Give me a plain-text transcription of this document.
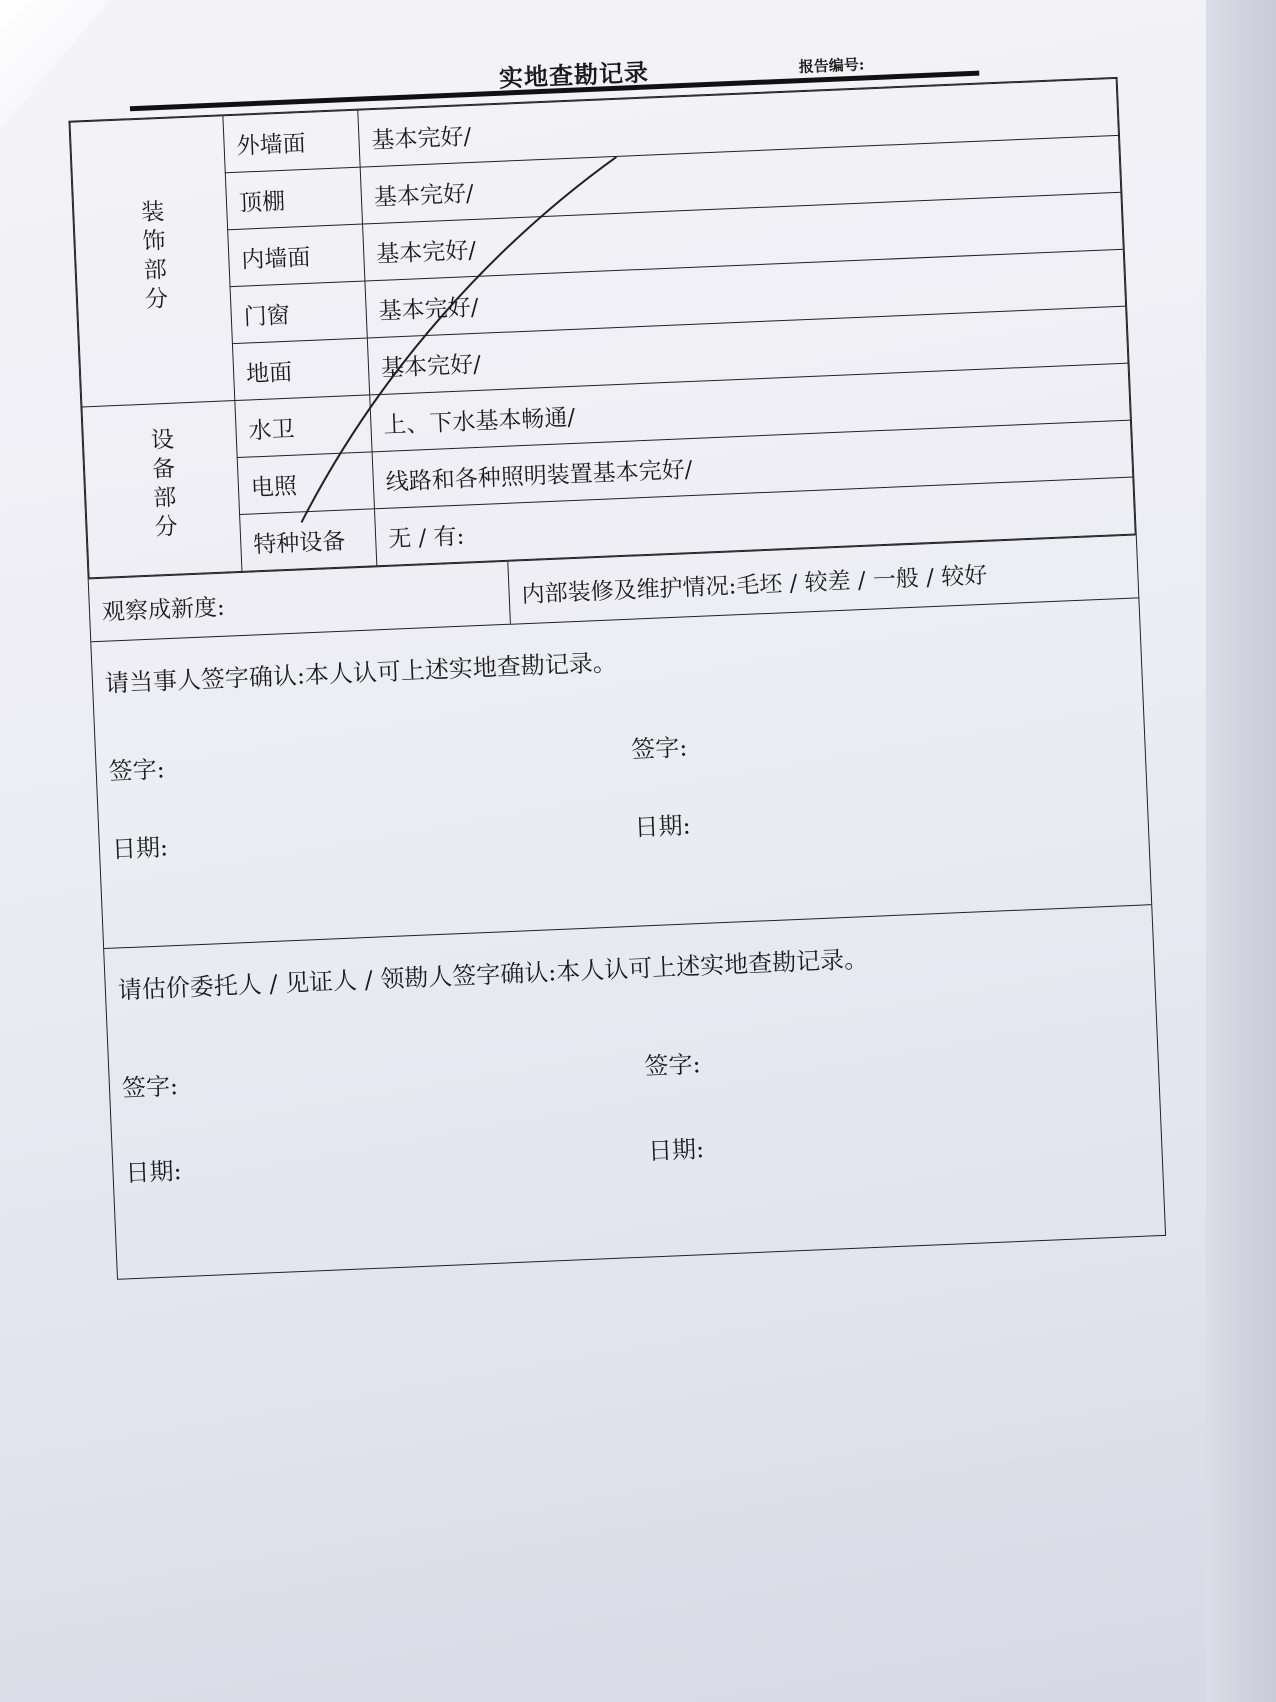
实地查勘记录	报告编号:
装饰部分	外墙面	基本完好/
	顶棚	基本完好/
	内墙面	基本完好/
	门窗	基本完好/
	地面	基本完好/
设备部分	水卫	上、下水基本畅通/
	电照	线路和各种照明装置基本完好/
	特种设备	无 / 有:
观察成新度:
内部装修及维护情况:毛坯 / 较差 / 一般 / 较好
请当事人签字确认:本人认可上述实地查勘记录。
签字:
签字:
日期:
日期:
请估价委托人 / 见证人 / 领勘人签字确认:本人认可上述实地查勘记录。
签字:
签字:
日期:
日期:
